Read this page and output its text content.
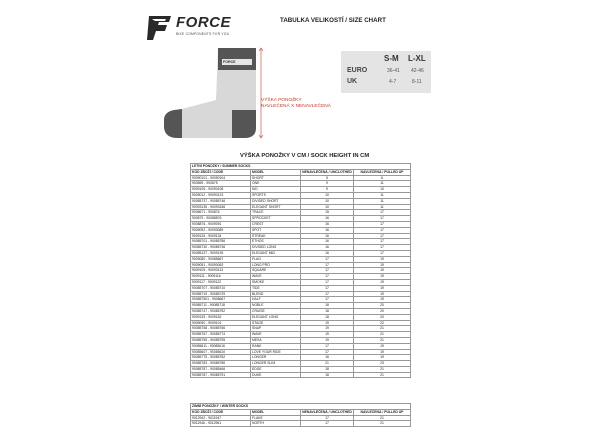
FORCE
BIKE COMPONENTS FOR YOU
TABULKA VELIKOSTÍ / SIZE CHART
S-M L-XL
EURO	36-41 42-46
UK	4-7	8-11
FORCE
VÝŠKA PONOŽKY
NAVLEČENÁ X NENAVLEČENÁ
VÝŠKA PONOŽKY V CM / SOCK HEIGHT IN CM
LETNÍ PONOŽKY / SUMMER SOCKS			
KÓD ZBOŽÍ / CODE	MODEL	NENAVLEČENÁ / UNCLOTHED	NAVLEČENÁ / PULLED UP
90090101 - 90090104	SHORT	5	6
900859 - 900875	ONE	9	11
9009105 - 90090108	KID	9	10
9009012 - 90090123	SPORTS	10	11
90085737 - 90085746	DIVIDED SHORT	10	11
90093135 - 90093156	ELEGANT SHORT	10	11
9008671 - 900876	TRACE	15	17
900879 - 90088876	SPROCKET	16	17
9008876 - 9009091	CREST	16	17
9009092 - 90093089	SPOT	16	17
9009126 - 9009134	STREAK	16	17
90085701 - 90085786	ETHOS	16	17
90085730 - 90085736	DIVIDED LONG	16	17
90085137 - 9009139	ELEGANT MID	16	17
9009080 - 90085667	FLAG	17	19
9009051 - 90090063	LONG PRO	17	19
9009105 - 90093113	SQUARE	17	19
9009111 - 9009116	WAVE	17	19
9009117 - 9009122	SMOKE	17	19
90085707 - 90085710	TIDE	17	19
90085719 - 90085729	BLEND	17	19
900857501 - 9008667	HALF	17	19
90085711 - 90085718	NOBLE	18	20
90085747 - 90085752	CRUISE	18	20
9009139 - 9009162	ELEGANT LONG	18	20
9009090 - 9009101	STAGE	19	22
90085758 - 90085766	SNAP	19	21
90085767 - 90085774	WAVE	19	21
90085755 - 90085795	MESA	19	21
90085611 - 90085616	RANK	17	19
90085607 - 90085610	LOVE YOUR RIDE	17	19
90085775 - 90085782	LONGER	16	19
90085783 - 90085786	LONGER SLIM	21	23
90085787 - 90085466	EDGE	18	21
90085787 - 90085791	DUKE	18	21
ZIMNÍ PONOŽKY / WINTER SOCKS			
KÓD ZBOŽÍ / CODE	MODEL	NENAVLEČENÁ / UNCLOTHED	NAVLEČENÁ / PULLED UP
9012942 - 9011947	FLAKE	17	21
9011946 - 9012961	NORTH	17	21
